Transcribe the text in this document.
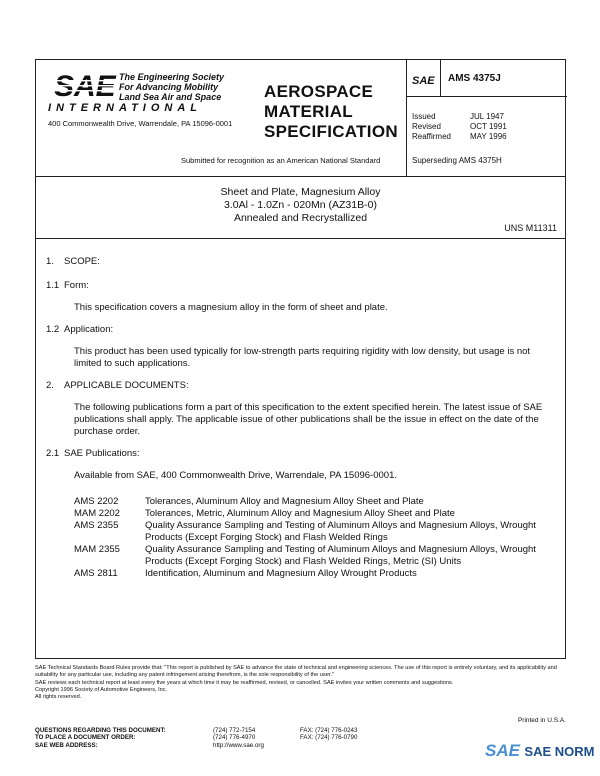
The Engineering Society
For Advancing Mobility
Land Sea Air and Space
INTERNATIONAL
400 Commonwealth Drive, Warrendale, PA 15096-0001
AEROSPACE
MATERIAL
SPECIFICATION
Submitted for recognition as an American National Standard
SAE AMS 4375J
Issued	JUL 1947
Revised	OCT 1991
Reaffirmed	MAY 1996
Superseding AMS 4375H
Sheet and Plate, Magnesium Alloy
3.0Al - 1.0Zn - 020Mn (AZ31B-0)
Annealed and Recrystallized
UNS M11311
1.	SCOPE:
1.1 Form:

This specification covers a magnesium alloy in the form of sheet and plate.

1.2 Application:

This product has been used typically for low-strength parts requiring rigidity with low density, but usage is not limited to such applications.

2.	APPLICABLE DOCUMENTS:

The following publications form a part of this specification to the extent specified herein. The latest issue of SAE publications shall apply. The applicable issue of other publications shall be the issue in effect on the date of the purchase order.

2.1 SAE Publications:

Available from SAE, 400 Commonwealth Drive, Warrendale, PA 15096-0001.

AMS 2202	Tolerances, Aluminum Alloy and Magnesium Alloy Sheet and Plate
MAM 2202	Tolerances, Metric, Aluminum Alloy and Magnesium Alloy Sheet and Plate
AMS 2355	Quality Assurance Sampling and Testing of Aluminum Alloys and Magnesium Alloys, Wrought Products (Except Forging Stock) and Flash Welded Rings
MAM 2355	Quality Assurance Sampling and Testing of Aluminum Alloys and Magnesium Alloys, Wrought Products (Except Forging Stock) and Flash Welded Rings, Metric (SI) Units
AMS 2811	Identification, Aluminum and Magnesium Alloy Wrought Products
SAE Technical Standards Board Rules provide that: "This report is published by SAE to advance the state of technical and engineering sciences. The use of this report is entirely voluntary, and its applicability and suitability for any particular use, including any patent infringement arising therefrom, is the sole responsibility of the user."
SAE reviews each technical report at least every five years at which time it may be reaffirmed, revised, or cancelled. SAE invites your written comments and suggestions.
Copyright 1996 Society of Automotive Engineers, Inc.
All rights reserved.
Printed in U.S.A.
QUESTIONS REGARDING THIS DOCUMENT:	(724) 772-7154	FAX: (724) 776-0243
TO PLACE A DOCUMENT ORDER:	(724) 776-4970	FAX: (724) 776-0790
SAE WEB ADDRESS:	http://www.sae.org	SAE SAE NORM
